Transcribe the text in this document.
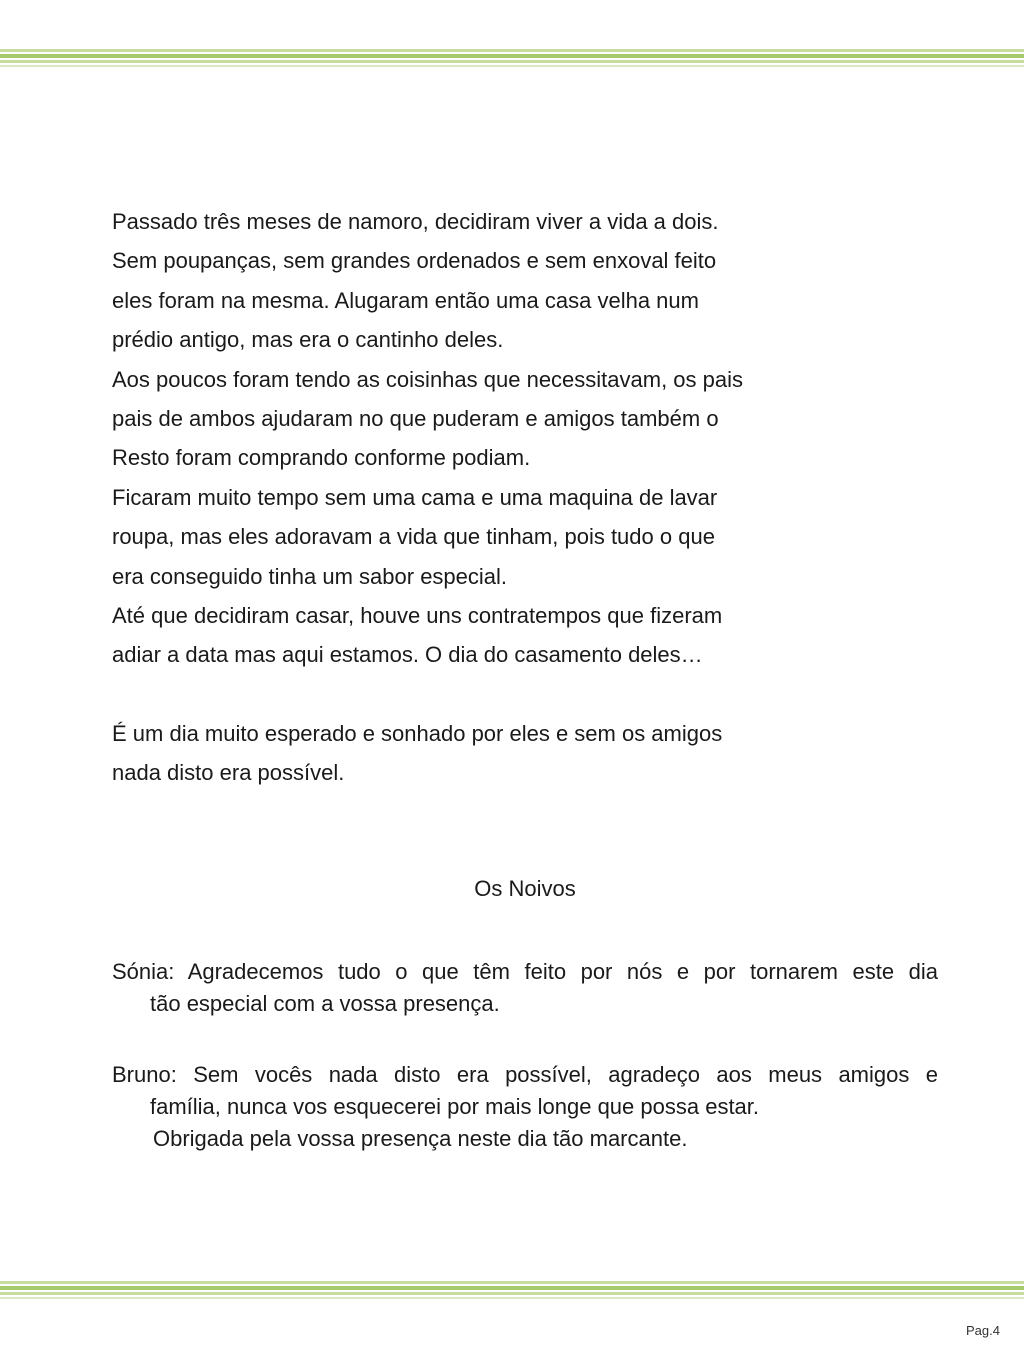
Passado três meses de namoro, decidiram viver a vida a dois.
Sem poupanças, sem grandes ordenados e sem enxoval feito
eles foram na mesma. Alugaram então uma casa velha num
prédio antigo, mas era o cantinho deles.
Aos poucos foram tendo as coisinhas que necessitavam, os pais
pais de ambos ajudaram no que puderam e amigos também o
Resto foram comprando conforme podiam.
Ficaram muito tempo sem uma cama e uma maquina de lavar
roupa, mas eles adoravam a vida que tinham, pois tudo o que
era conseguido tinha um sabor especial.
Até que decidiram casar, houve uns contratempos que fizeram
adiar a data mas aqui estamos. O dia do casamento deles…
É um dia muito esperado e sonhado por eles e sem os amigos
nada disto era possível.
Os Noivos
Sónia: Agradecemos tudo o que têm feito por nós e por tornarem este dia
tão especial com a vossa presença.
Bruno: Sem vocês nada disto era possível, agradeço aos meus amigos e
família, nunca vos esquecerei por mais longe que possa estar.
Obrigada pela vossa presença neste dia tão marcante.
Pag.4
